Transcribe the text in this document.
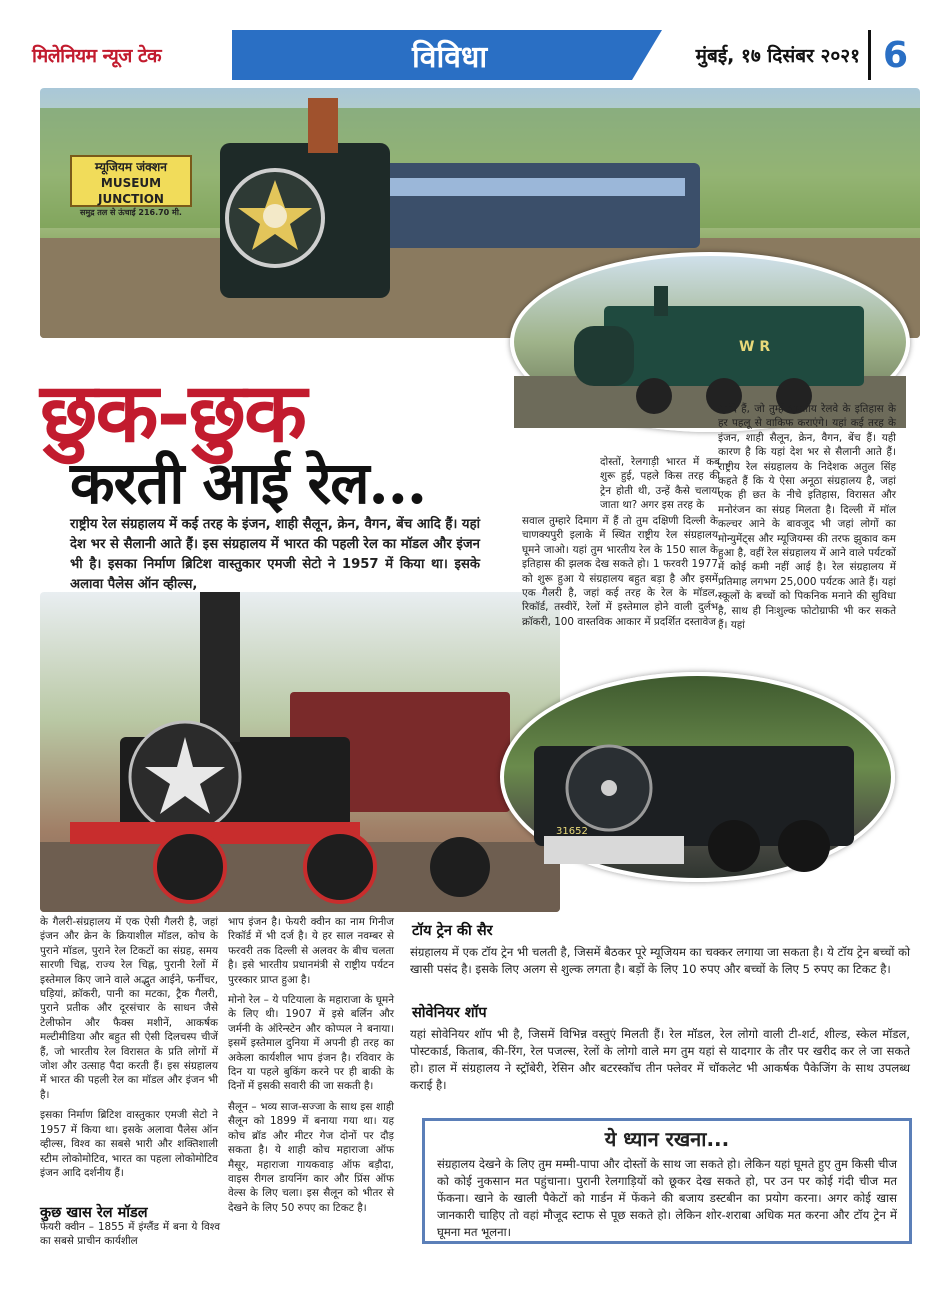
मिलेनियम न्यूज टेक	विविधा	मुंबई, १७ दिसंबर २०२१ 6
म्यूजियम जंक्शन
MUSEUM JUNCTION
समुद्र तल से ऊंचाई 216.70 मी.
W R
छुक-छुक
करती आई रेल...
राष्ट्रीय रेल संग्रहालय में कई तरह के इंजन, शाही सैलून, क्रेन, वैगन, बेंच आदि हैं। यहां देश भर से सैलानी आते हैं। इस संग्रहालय में भारत की पहली रेल का मॉडल और इंजन भी है। इसका निर्माण ब्रिटिश वास्तुकार एमजी सेटो ने 1957 में किया था। इसके अलावा पैलेस ऑन व्हील्स,
31652
दोस्तों, रेलगाड़ी भारत में कब शुरू हुई, पहले किस तरह की ट्रेन होती थी, उन्हें कैसे चलाया जाता था? अगर इस तरह के
सवाल तुम्हारे दिमाग में हैं तो तुम दक्षिणी दिल्ली के चाणक्यपुरी इलाके में स्थित राष्ट्रीय रेल संग्रहालय घूमने जाओ। यहां तुम भारतीय रेल के 150 साल के इतिहास की झलक देख सकते हो। 1 फरवरी 1977 को शुरू हुआ ये संग्रहालय बहुत बड़ा है और इसमें एक गैलरी है, जहां कई तरह के रेल के मॉडल, रिकॉर्ड, तस्वीरें, रेलों में इस्तेमाल होने वाली दुर्लभ क्रॉकरी, 100 वास्तविक आकार में प्रदर्शित दस्तावेज
आदि हैं, जो तुम्हें भारतीय रेलवे के इतिहास के हर पहलू से वाकिफ कराएंगे। यहां कई तरह के इंजन, शाही सैलून, क्रेन, वैगन, बेंच हैं। यही कारण है कि यहां देश भर से सैलानी आते हैं। राष्ट्रीय रेल संग्रहालय के निदेशक अतुल सिंह कहते हैं कि ये ऐसा अनूठा संग्रहालय है, जहां एक ही छत के नीचे इतिहास, विरासत और मनोरंजन का संग्रह मिलता है। दिल्ली में मॉल कल्चर आने के बावजूद भी जहां लोगों का मोन्युमेंट्स और म्यूजियम्स की तरफ झुकाव कम हुआ है, वहीं रेल संग्रहालय में आने वाले पर्यटकों में कोई कमी नहीं आई है। रेल संग्रहालय में प्रतिमाह लगभग 25,000 पर्यटक आते हैं। यहां स्कूलों के बच्चों को पिकनिक मनाने की सुविधा है, साथ ही निःशुल्क फोटोग्राफी भी कर सकते हैं। यहां
के गैलरी-संग्रहालय में एक ऐसी गैलरी है, जहां इंजन और क्रेन के क्रियाशील मॉडल, कोच के पुराने मॉडल, पुराने रेल टिकटों का संग्रह, समय सारणी चिह्न, राज्य रेल चिह्न, पुरानी रेलों में इस्तेमाल किए जाने वाले अद्भुत आईने, फर्नीचर, घड़ियां, क्रॉकरी, पानी का मटका, ट्रैक गैलरी, पुराने प्रतीक और दूरसंचार के साधन जैसे टेलीफोन और फैक्स मशीनें, आकर्षक मल्टीमीडिया और बहुत सी ऐसी दिलचस्प चीजें हैं, जो भारतीय रेल विरासत के प्रति लोगों में जोश और उत्साह पैदा करती हैं। इस संग्रहालय में भारत की पहली रेल का मॉडल और इंजन भी है।
इसका निर्माण ब्रिटिश वास्तुकार एमजी सेटो ने 1957 में किया था। इसके अलावा पैलेस ऑन व्हील्स, विश्व का सबसे भारी और शक्तिशाली स्टीम लोकोमोटिव, भारत का पहला लोकोमोटिव इंजन आदि दर्शनीय हैं।
कुछ खास रेल मॉडल
फेयरी क्वीन – 1855 में इंग्लैंड में बना ये विश्व का सबसे प्राचीन कार्यशील
भाप इंजन है। फेयरी क्वीन का नाम गिनीज रिकॉर्ड में भी दर्ज है। ये हर साल नवम्बर से फरवरी तक दिल्ली से अलवर के बीच चलता है। इसे भारतीय प्रधानमंत्री से राष्ट्रीय पर्यटन पुरस्कार प्राप्त हुआ है।
मोनो रेल – ये पटियाला के महाराजा के घूमने के लिए थी। 1907 में इसे बर्लिन और जर्मनी के ऑरेन्स्टेन और कोप्पल ने बनाया। इसमें इस्तेमाल दुनिया में अपनी ही तरह का अकेला कार्यशील भाप इंजन है। रविवार के दिन या पहले बुकिंग करने पर ही बाकी के दिनों में इसकी सवारी की जा सकती है।
सैलून – भव्य साज-सज्जा के साथ इस शाही सैलून को 1899 में बनाया गया था। यह कोच ब्रॉड और मीटर गेज दोनों पर दौड़ सकता है। ये शाही कोच महाराजा ऑफ मैसूर, महाराजा गायकवाड़ ऑफ बड़ौदा, वाइस रीगल डायनिंग कार और प्रिंस ऑफ वेल्स के लिए चला। इस सैलून को भीतर से देखने के लिए 50 रुपए का टिकट है।
टॉय ट्रेन की सैर
संग्रहालय में एक टॉय ट्रेन भी चलती है, जिसमें बैठकर पूरे म्यूजियम का चक्कर लगाया जा सकता है। ये टॉय ट्रेन बच्चों को खासी पसंद है। इसके लिए अलग से शुल्क लगता है। बड़ों के लिए 10 रुपए और बच्चों के लिए 5 रुपए का टिकट है।
सोवेनियर शॉप
यहां सोवेनियर शॉप भी है, जिसमें विभिन्न वस्तुएं मिलती हैं। रेल मॉडल, रेल लोगो वाली टी-शर्ट, शील्ड, स्केल मॉडल, पोस्टकार्ड, किताब, की-रिंग, रेल पजल्स, रेलों के लोगो वाले मग तुम यहां से यादगार के तौर पर खरीद कर ले जा सकते हो। हाल में संग्रहालय ने स्ट्रॉबेरी, रेसिन और बटरस्कॉच तीन फ्लेवर में चॉकलेट भी आकर्षक पैकेजिंग के साथ उपलब्ध कराई है।
ये ध्यान रखना...
संग्रहालय देखने के लिए तुम मम्मी-पापा और दोस्तों के साथ जा सकते हो। लेकिन यहां घूमते हुए तुम किसी चीज को कोई नुकसान मत पहुंचाना। पुरानी रेलगाड़ियों को छूकर देख सकते हो, पर उन पर कोई गंदी चीज मत फेंकना। खाने के खाली पैकेटों को गार्डन में फेंकने की बजाय डस्टबीन का प्रयोग करना। अगर कोई खास जानकारी चाहिए तो वहां मौजूद स्टाफ से पूछ सकते हो। लेकिन शोर-शराबा अधिक मत करना और टॉय ट्रेन में घूमना मत भूलना।
